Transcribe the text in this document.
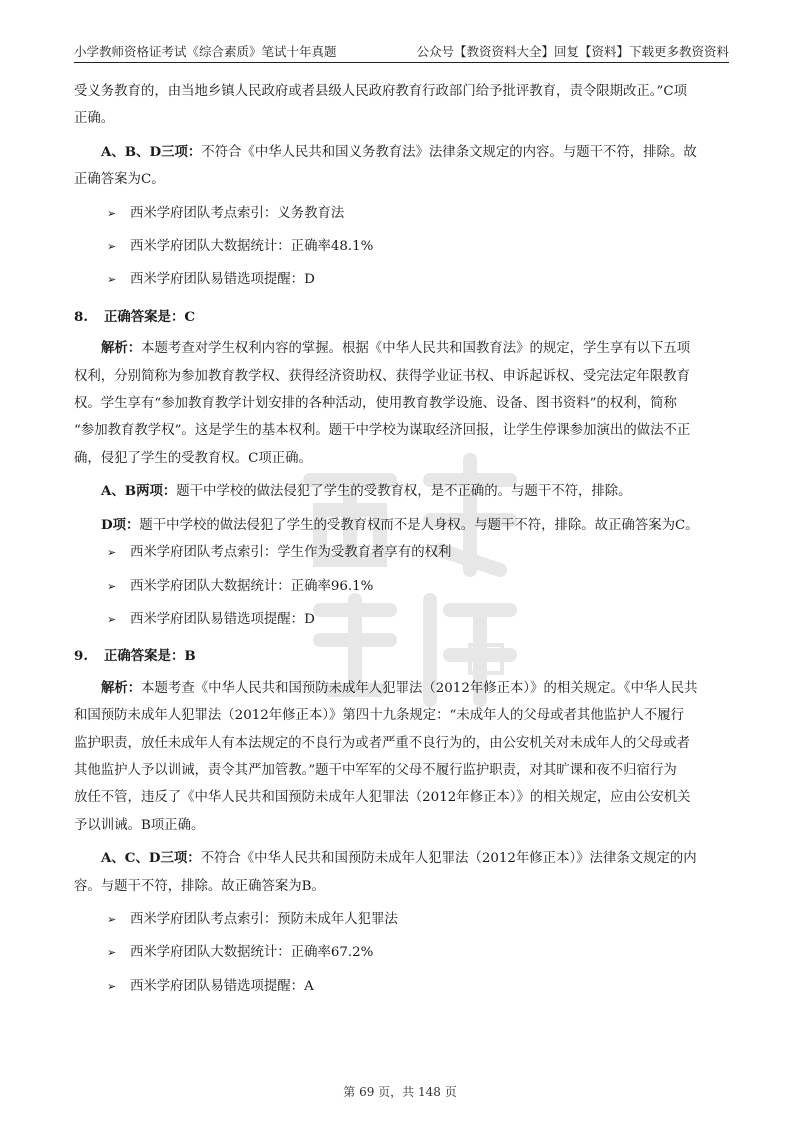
小学教师资格证考试《综合素质》笔试十年真题	公众号【教资资料大全】回复【资料】下载更多教资资料

受义务教育的，由当地乡镇人民政府或者县级人民政府教育行政部门给予批评教育，责令限期改正。”C项

正确。

A、B、D三项：不符合《中华人民共和国义务教育法》法律条文规定的内容。与题干不符，排除。故

正确答案为C。

➢ 西米学府团队考点索引：义务教育法

➢ 西米学府团队大数据统计：正确率48.1%

➢ 西米学府团队易错选项提醒：D

8. 正确答案是：C

解析：本题考查对学生权利内容的掌握。根据《中华人民共和国教育法》的规定，学生享有以下五项

权利，分别简称为参加教育教学权、获得经济资助权、获得学业证书权、申诉起诉权、受完法定年限教育

权。学生享有“参加教育教学计划安排的各种活动，使用教育教学设施、设备、图书资料”的权利，简称

“参加教育教学权”。这是学生的基本权利。题干中学校为谋取经济回报，让学生停课参加演出的做法不正

确，侵犯了学生的受教育权。C项正确。

A、B两项：题干中学校的做法侵犯了学生的受教育权，是不正确的。与题干不符，排除。

D项：题干中学校的做法侵犯了学生的受教育权而不是人身权。与题干不符，排除。故正确答案为C。

➢ 西米学府团队考点索引：学生作为受教育者享有的权利

➢ 西米学府团队大数据统计：正确率96.1%

➢ 西米学府团队易错选项提醒：D

9. 正确答案是：B

解析：本题考查《中华人民共和国预防未成年人犯罪法（2012年修正本）》的相关规定。《中华人民共

和国预防未成年人犯罪法（2012年修正本）》第四十九条规定：“未成年人的父母或者其他监护人不履行

监护职责，放任未成年人有本法规定的不良行为或者严重不良行为的，由公安机关对未成年人的父母或者

其他监护人予以训诫，责令其严加管教。”题干中军军的父母不履行监护职责，对其旷课和夜不归宿行为

放任不管，违反了《中华人民共和国预防未成年人犯罪法（2012年修正本）》的相关规定，应由公安机关

予以训诫。B项正确。

A、C、D三项：不符合《中华人民共和国预防未成年人犯罪法（2012年修正本）》法律条文规定的内

容。与题干不符，排除。故正确答案为B。

➢ 西米学府团队考点索引：预防未成年人犯罪法

➢ 西米学府团队大数据统计：正确率67.2%

➢ 西米学府团队易错选项提醒：A

第 69 页，共 148 页
